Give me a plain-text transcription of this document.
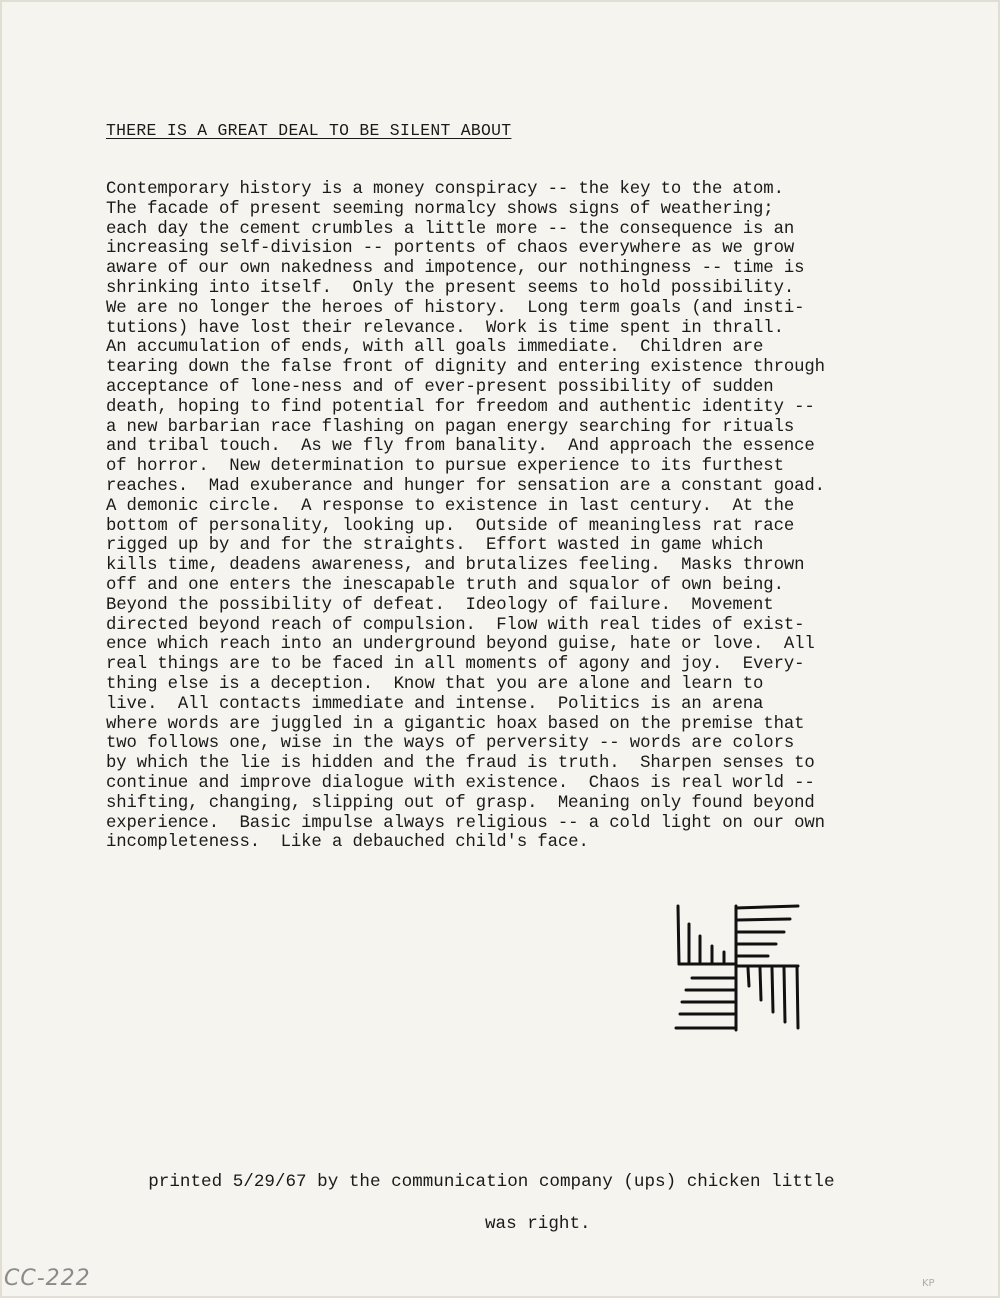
THERE IS A GREAT DEAL TO BE SILENT ABOUT
Contemporary history is a money conspiracy -- the key to the atom.
The facade of present seeming normalcy shows signs of weathering;
each day the cement crumbles a little more -- the consequence is an
increasing self-division -- portents of chaos everywhere as we grow
aware of our own nakedness and impotence, our nothingness -- time is
shrinking into itself.  Only the present seems to hold possibility.
We are no longer the heroes of history.  Long term goals (and insti-
tutions) have lost their relevance.  Work is time spent in thrall.
An accumulation of ends, with all goals immediate.  Children are
tearing down the false front of dignity and entering existence through
acceptance of lone-ness and of ever-present possibility of sudden
death, hoping to find potential for freedom and authentic identity --
a new barbarian race flashing on pagan energy searching for rituals
and tribal touch.  As we fly from banality.  And approach the essence
of horror.  New determination to pursue experience to its furthest
reaches.  Mad exuberance and hunger for sensation are a constant goad.
A demonic circle.  A response to existence in last century.  At the
bottom of personality, looking up.  Outside of meaningless rat race
rigged up by and for the straights.  Effort wasted in game which
kills time, deadens awareness, and brutalizes feeling.  Masks thrown
off and one enters the inescapable truth and squalor of own being.
Beyond the possibility of defeat.  Ideology of failure.  Movement
directed beyond reach of compulsion.  Flow with real tides of exist-
ence which reach into an underground beyond guise, hate or love.  All
real things are to be faced in all moments of agony and joy.  Every-
thing else is a deception.  Know that you are alone and learn to
live.  All contacts immediate and intense.  Politics is an arena
where words are juggled in a gigantic hoax based on the premise that
two follows one, wise in the ways of perversity -- words are colors
by which the lie is hidden and the fraud is truth.  Sharpen senses to
continue and improve dialogue with existence.  Chaos is real world --
shifting, changing, slipping out of grasp.  Meaning only found beyond
experience.  Basic impulse always religious -- a cold light on our own
incompleteness.  Like a debauched child's face.

printed 5/29/67 by the communication company (ups) chicken little

was right.

CC-222	KP
